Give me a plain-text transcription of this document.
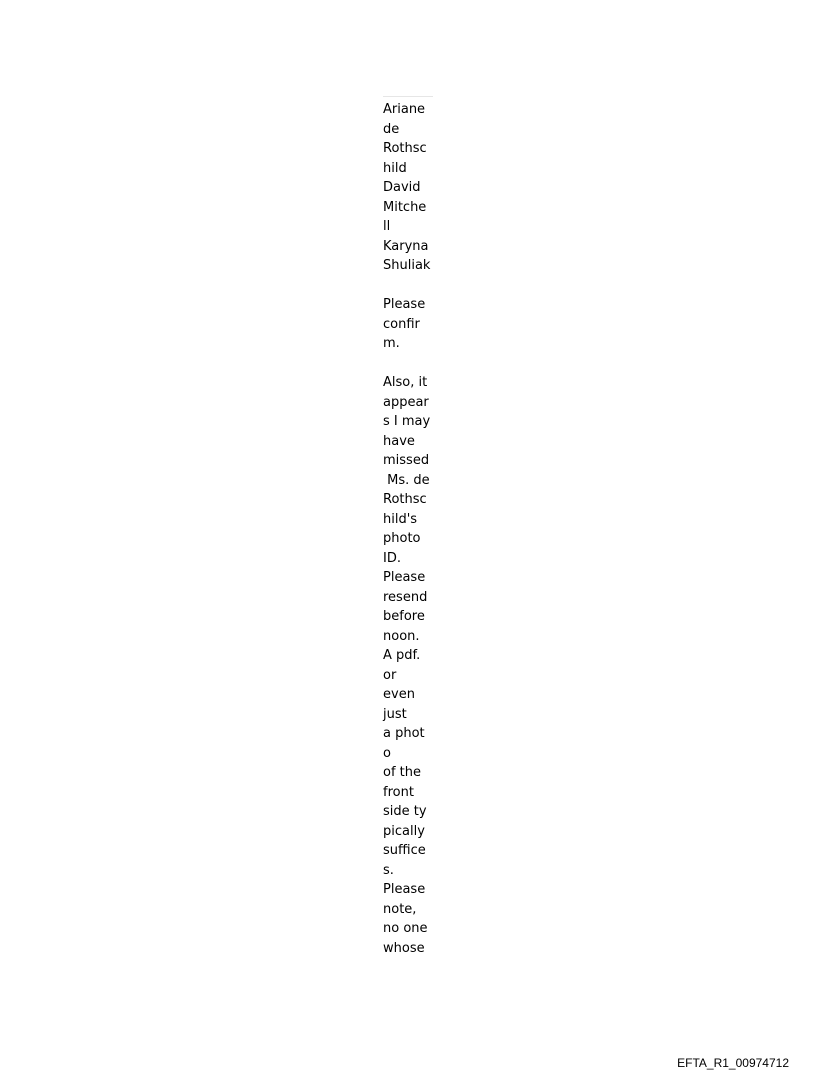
Ariane
de
Rothsc
hild
David
Mitche
ll
Karyna
Shuliak
Please
confir
m.
Also, it
appear
s I may
have
missed
Ms. de
Rothsc
hild's
photo
ID.
Please
resend
before
noon.
A pdf.
or
even
just
a phot
o
of the
front
side ty
pically
suffice
s.
Please
note,
no one
whose
EFTA_R1_00974712
